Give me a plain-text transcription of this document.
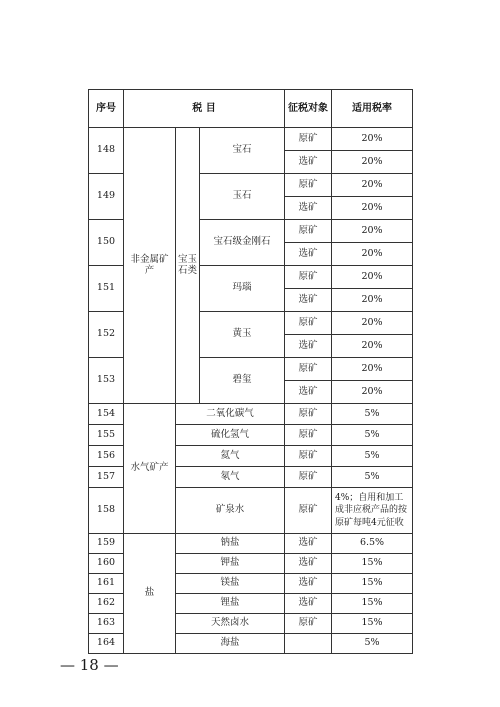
序号	税 目			征税对象	适用税率
148	非金属矿产	宝玉石类	宝石	原矿	20%
				选矿	20%
149			玉石	原矿	20%
				选矿	20%
150			宝石级金刚石	原矿	20%
				选矿	20%
151			玛瑙	原矿	20%
				选矿	20%
152			黄玉	原矿	20%
				选矿	20%
153			碧玺	原矿	20%
				选矿	20%
154	水气矿产	二氧化碳气		原矿	5%
155		硫化氢气		原矿	5%
156		氦气		原矿	5%
157		氡气		原矿	5%
158		矿泉水		原矿	4%；自用和加工成非应税产品的按原矿每吨4元征收
159	盐	钠盐		选矿	6.5%
160		钾盐		选矿	15%
161		镁盐		选矿	15%
162		锂盐		选矿	15%
163		天然卤水		原矿	15%
164		海盐			5%
— 18 —
